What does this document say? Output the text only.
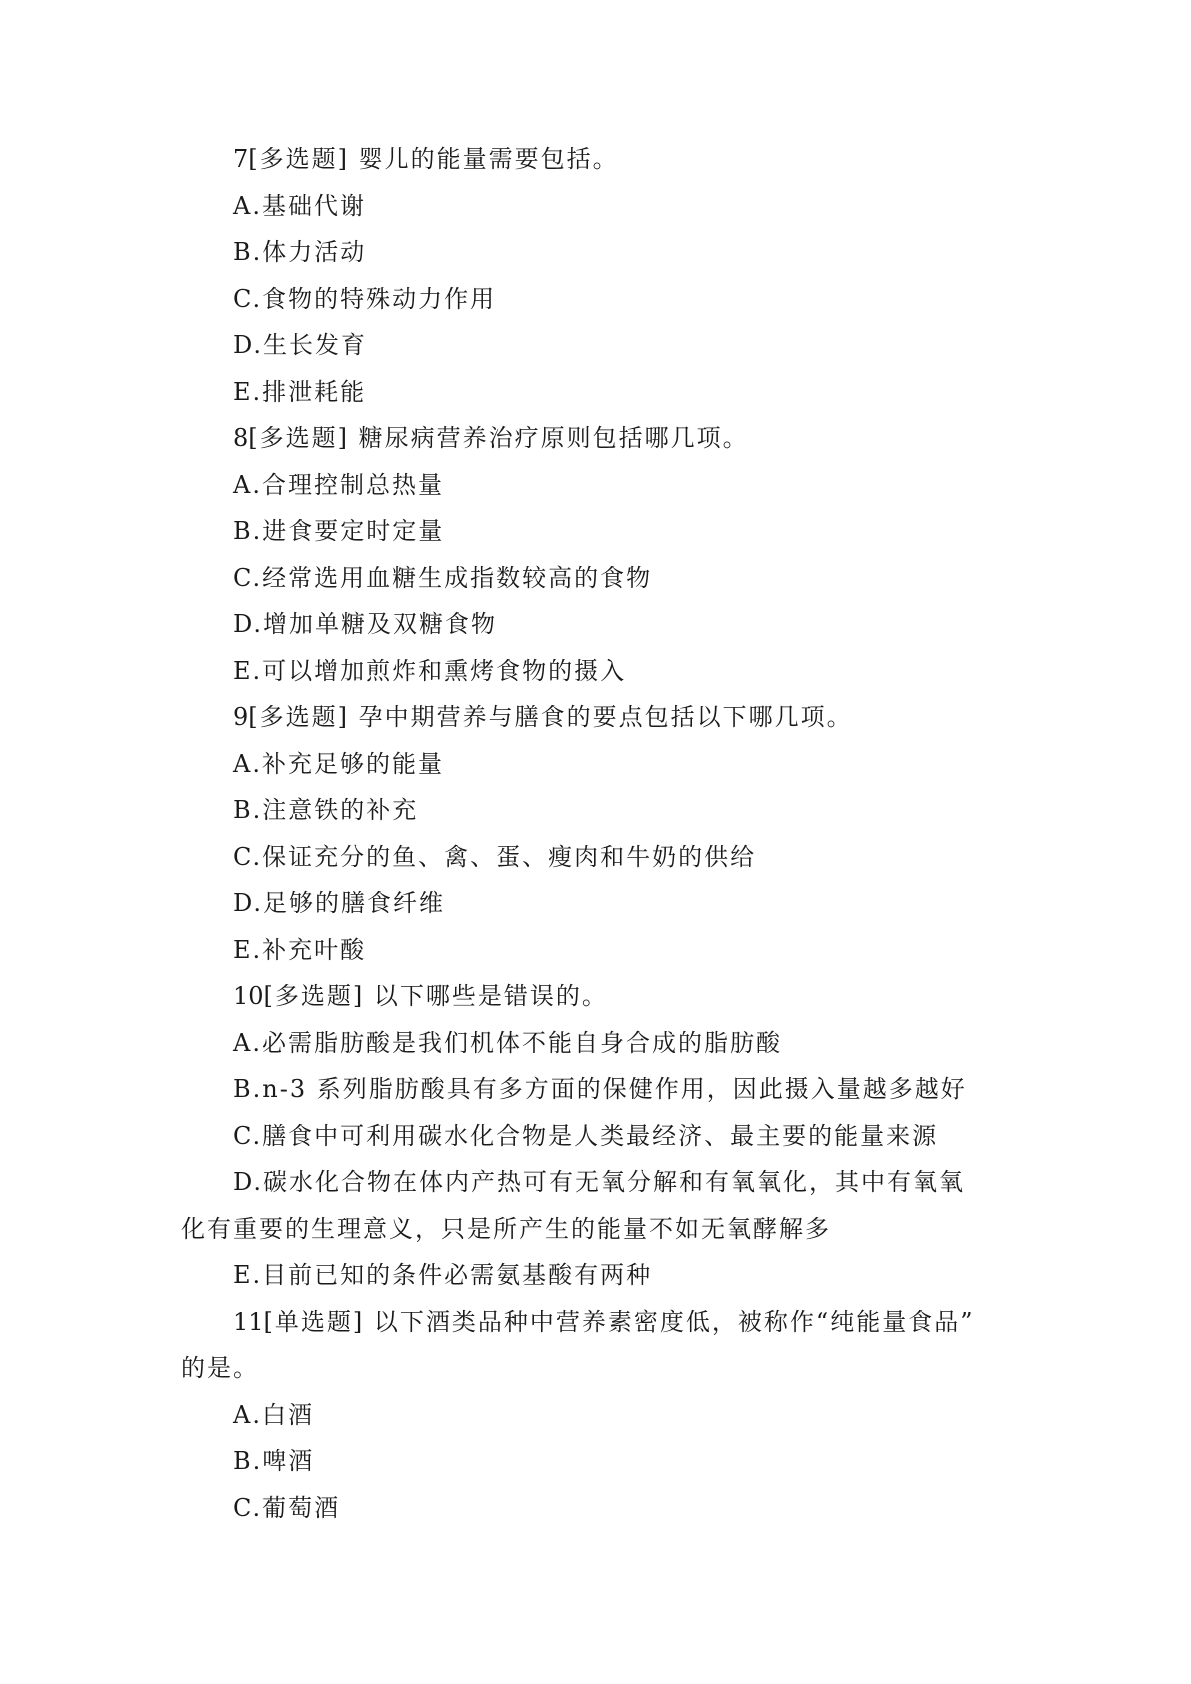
7[多选题] 婴儿的能量需要包括。
A.基础代谢
B.体力活动
C.食物的特殊动力作用
D.生长发育
E.排泄耗能
8[多选题] 糖尿病营养治疗原则包括哪几项。
A.合理控制总热量
B.进食要定时定量
C.经常选用血糖生成指数较高的食物
D.增加单糖及双糖食物
E.可以增加煎炸和熏烤食物的摄入
9[多选题] 孕中期营养与膳食的要点包括以下哪几项。
A.补充足够的能量
B.注意铁的补充
C.保证充分的鱼、禽、蛋、瘦肉和牛奶的供给
D.足够的膳食纤维
E.补充叶酸
10[多选题] 以下哪些是错误的。
A.必需脂肪酸是我们机体不能自身合成的脂肪酸
B.n-3 系列脂肪酸具有多方面的保健作用，因此摄入量越多越好
C.膳食中可利用碳水化合物是人类最经济、最主要的能量来源
D.碳水化合物在体内产热可有无氧分解和有氧氧化，其中有氧氧
化有重要的生理意义，只是所产生的能量不如无氧酵解多
E.目前已知的条件必需氨基酸有两种
11[单选题] 以下酒类品种中营养素密度低，被称作“纯能量食品”
的是。
A.白酒
B.啤酒
C.葡萄酒
